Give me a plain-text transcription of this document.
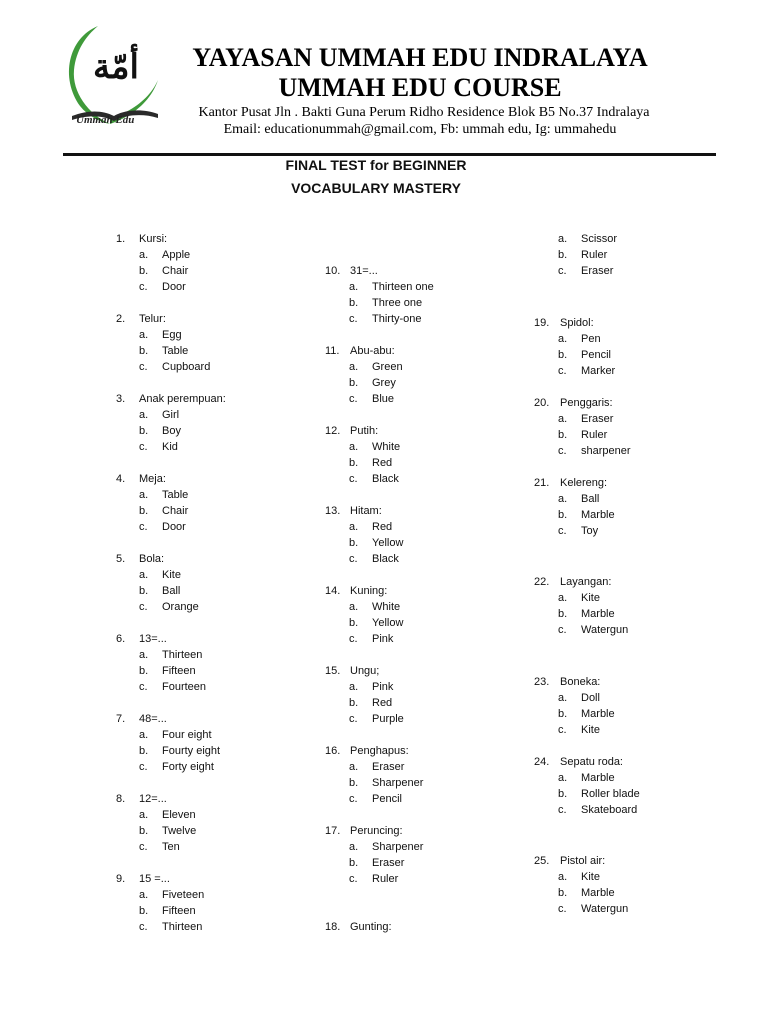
أمّة
Ummah Edu
YAYASAN UMMAH EDU INDRALAYA
UMMAH EDU COURSE
Kantor Pusat Jln . Bakti Guna Perum Ridho Residence Blok B5 No.37 Indralaya
Email: educationummah@gmail.com, Fb: ummah edu, Ig: ummahedu
FINAL TEST for BEGINNER
VOCABULARY MASTERY
1. Kursi:
a. Apple
b. Chair
c. Door
2. Telur:
a. Egg
b. Table
c. Cupboard
3. Anak perempuan:
a. Girl
b. Boy
c. Kid
4. Meja:
a. Table
b. Chair
c. Door
5. Bola:
a. Kite
b. Ball
c. Orange
6. 13=...
a. Thirteen
b. Fifteen
c. Fourteen
7. 48=...
a. Four eight
b. Fourty eight
c. Forty eight
8. 12=...
a. Eleven
b. Twelve
c. Ten
9. 15 =...
a. Fiveteen
b. Fifteen
c. Thirteen
10. 31=...
a. Thirteen one
b. Three one
c. Thirty-one
11. Abu-abu:
a. Green
b. Grey
c. Blue
12. Putih:
a. White
b. Red
c. Black
13. Hitam:
a. Red
b. Yellow
c. Black
14. Kuning:
a. White
b. Yellow
c. Pink
15. Ungu;
a. Pink
b. Red
c. Purple
16. Penghapus:
a. Eraser
b. Sharpener
c. Pencil
17. Peruncing:
a. Sharpener
b. Eraser
c. Ruler
18. Gunting:
a. Scissor
b. Ruler
c. Eraser
19. Spidol:
a. Pen
b. Pencil
c. Marker
20. Penggaris:
a. Eraser
b. Ruler
c. sharpener
21. Kelereng:
a. Ball
b. Marble
c. Toy
22. Layangan:
a. Kite
b. Marble
c. Watergun
23. Boneka:
a. Doll
b. Marble
c. Kite
24. Sepatu roda:
a. Marble
b. Roller blade
c. Skateboard
25. Pistol air:
a. Kite
b. Marble
c. Watergun
